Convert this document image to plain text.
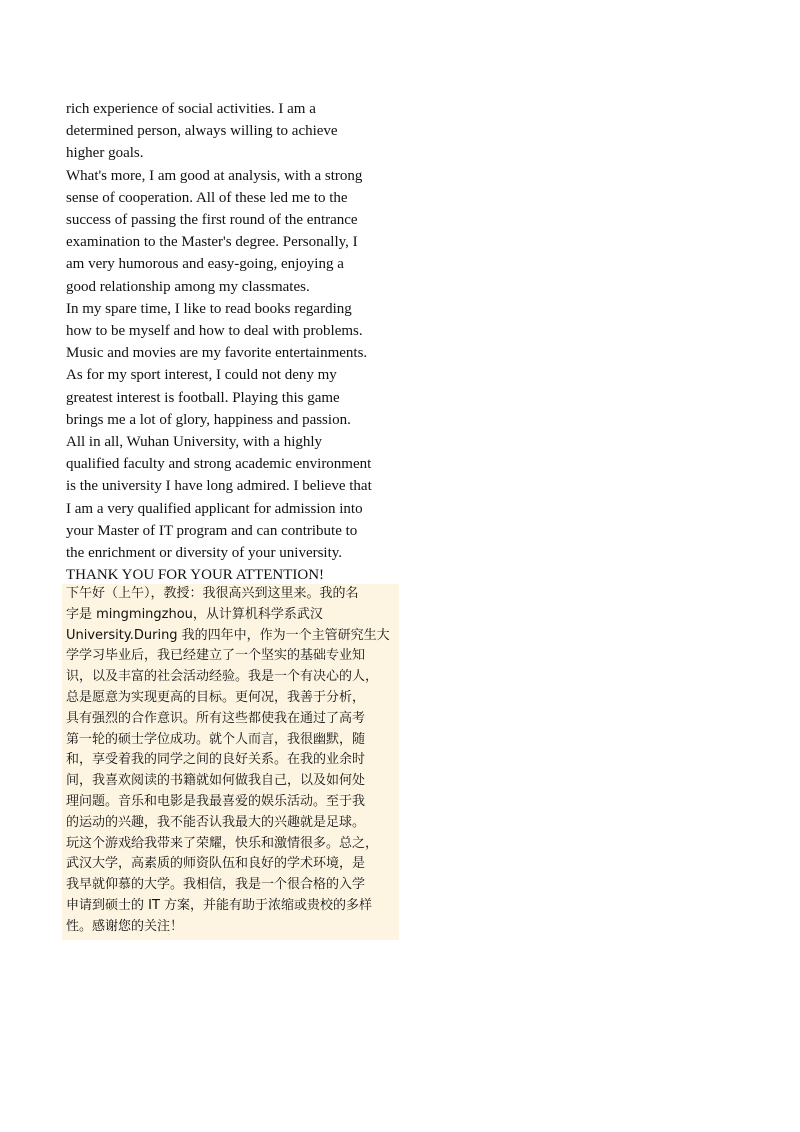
rich experience of social activities. I am a
determined person, always willing to achieve
higher goals.
What's more, I am good at analysis, with a strong
sense of cooperation. All of these led me to the
success of passing the first round of the entrance
examination to the Master's degree. Personally, I
am very humorous and easy-going, enjoying a
good relationship among my classmates.
In my spare time, I like to read books regarding
how to be myself and how to deal with problems.
Music and movies are my favorite entertainments.
As for my sport interest, I could not deny my
greatest interest is football. Playing this game
brings me a lot of glory, happiness and passion.
All in all, Wuhan University, with a highly
qualified faculty and strong academic environment
is the university I have long admired. I believe that
I am a very qualified applicant for admission into
your Master of IT program and can contribute to
the enrichment or diversity of your university.
THANK YOU FOR YOUR ATTENTION!
下午好（上午），教授：我很高兴到这里来。我的名
字是 mingmingzhou，从计算机科学系武汉
University.During 我的四年中，作为一个主管研究生大
学学习毕业后，我已经建立了一个坚实的基础专业知
识，以及丰富的社会活动经验。我是一个有决心的人，
总是愿意为实现更高的目标。更何况，我善于分析，
具有强烈的合作意识。所有这些都使我在通过了高考
第一轮的硕士学位成功。就个人而言，我很幽默，随
和，享受着我的同学之间的良好关系。在我的业余时
间，我喜欢阅读的书籍就如何做我自己，以及如何处
理问题。音乐和电影是我最喜爱的娱乐活动。至于我
的运动的兴趣，我不能否认我最大的兴趣就是足球。
玩这个游戏给我带来了荣耀，快乐和激情很多。总之，
武汉大学，高素质的师资队伍和良好的学术环境，是
我早就仰慕的大学。我相信，我是一个很合格的入学
申请到硕士的 IT 方案，并能有助于浓缩或贵校的多样
性。感谢您的关注！
